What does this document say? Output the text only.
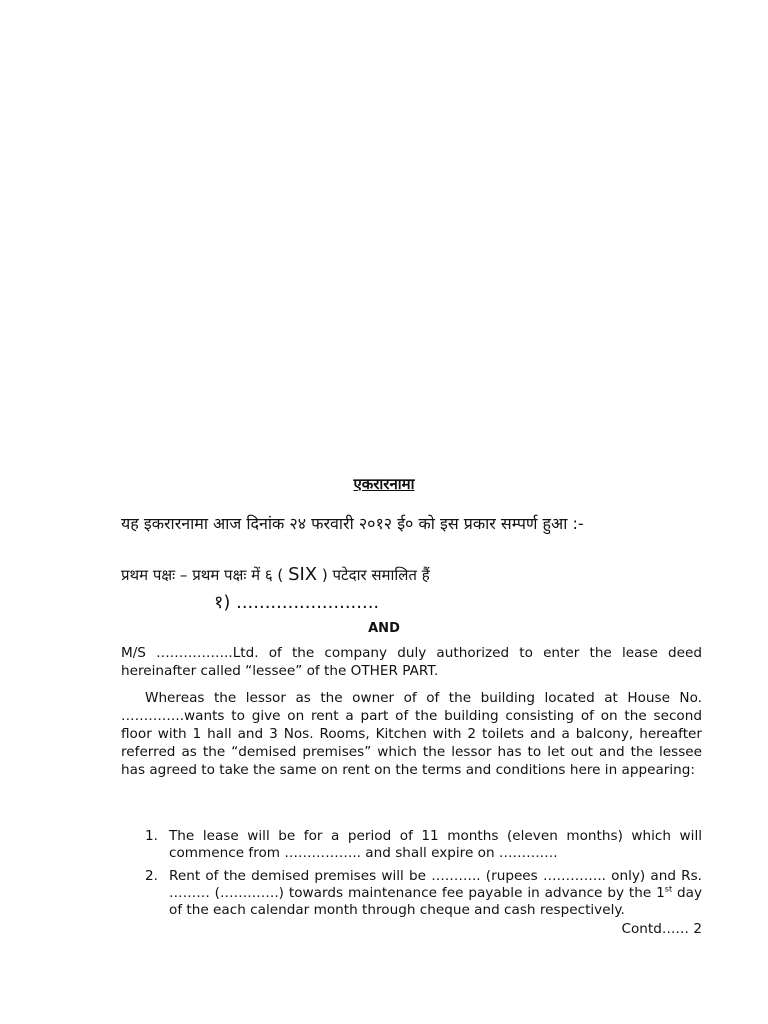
एकरारनामा
यह इकरारनामा आज दिनांक २४ फरवारी २०१२ ई० को इस प्रकार सम्पर्ण हुआ :-
प्रथम पक्षः – प्रथम पक्षः में ६ ( SIX ) पटेदार समालित हैं
१) .........................
AND
M/S ……………..Ltd. of the company duly authorized to enter the lease deed hereinafter called “lessee” of the OTHER PART.
Whereas the lessor as the owner of of the building located at House No. …………..wants to give on rent a part of the building consisting of on the second floor with 1 hall and 3 Nos. Rooms, Kitchen with 2 toilets and a balcony, hereafter referred as the “demised premises” which the lessor has to let out and the lessee has agreed to take the same on rent on the terms and conditions here in appearing:
1. The lease will be for a period of 11 months (eleven months) which will commence from …………….. and shall expire on ………….
2. Rent of the demised premises will be ……….. (rupees ………….. only) and Rs. ……… (………….) towards maintenance fee payable in advance by the 1st day of the each calendar month through cheque and cash respectively.
Contd…… 2
